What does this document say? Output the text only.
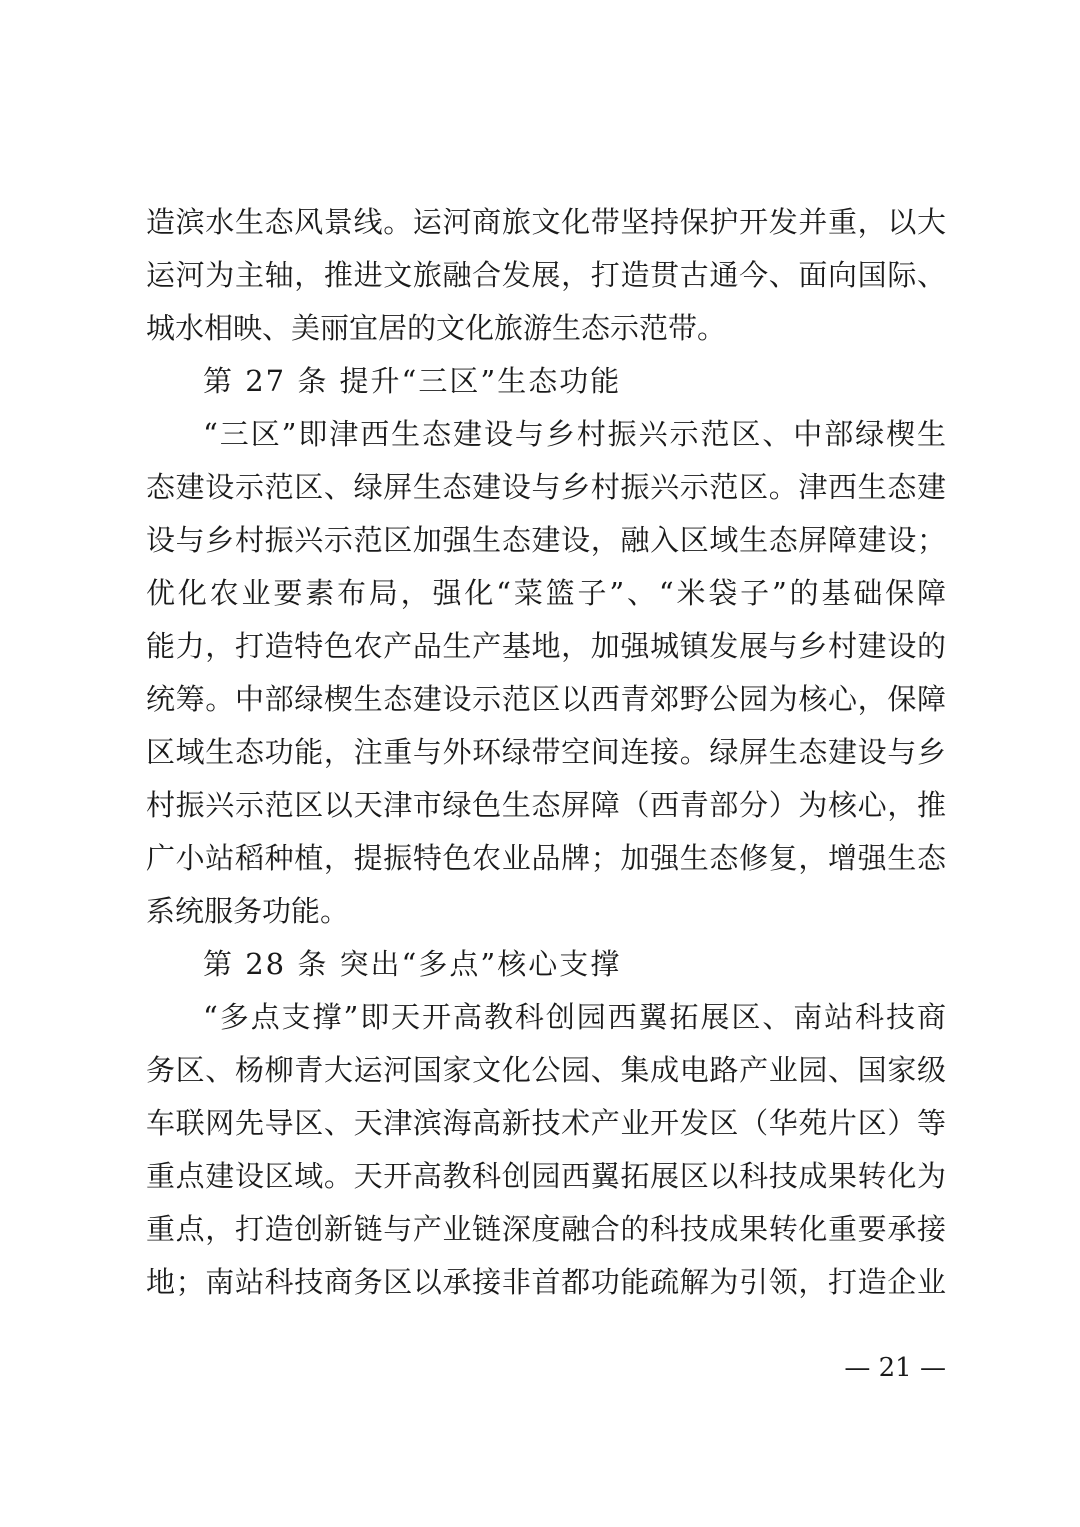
造滨水生态风景线。运河商旅文化带坚持保护开发并重，以大
运河为主轴，推进文旅融合发展，打造贯古通今、面向国际、
城水相映、美丽宜居的文化旅游生态示范带。
第 27 条 提升“三区”生态功能
“三区”即津西生态建设与乡村振兴示范区、中部绿楔生
态建设示范区、绿屏生态建设与乡村振兴示范区。津西生态建
设与乡村振兴示范区加强生态建设，融入区域生态屏障建设；
优化农业要素布局，强化“菜篮子”、“米袋子”的基础保障
能力，打造特色农产品生产基地，加强城镇发展与乡村建设的
统筹。中部绿楔生态建设示范区以西青郊野公园为核心，保障
区域生态功能，注重与外环绿带空间连接。绿屏生态建设与乡
村振兴示范区以天津市绿色生态屏障（西青部分）为核心，推
广小站稻种植，提振特色农业品牌；加强生态修复，增强生态
系统服务功能。
第 28 条 突出“多点”核心支撑
“多点支撑”即天开高教科创园西翼拓展区、南站科技商
务区、杨柳青大运河国家文化公园、集成电路产业园、国家级
车联网先导区、天津滨海高新技术产业开发区（华苑片区）等
重点建设区域。天开高教科创园西翼拓展区以科技成果转化为
重点，打造创新链与产业链深度融合的科技成果转化重要承接
地；南站科技商务区以承接非首都功能疏解为引领，打造企业
— 21 —
